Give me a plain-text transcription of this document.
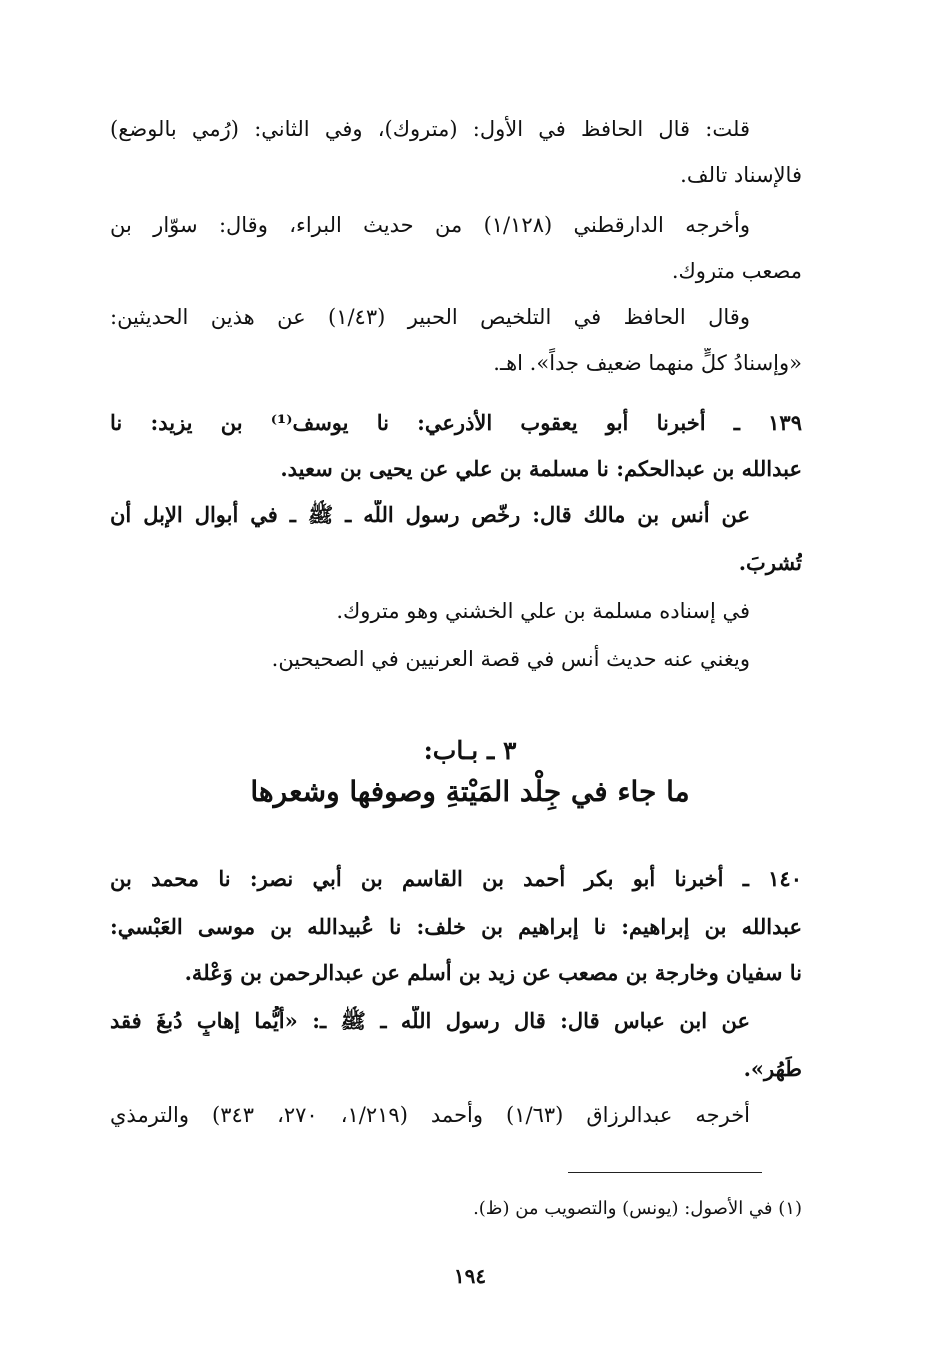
قلت: قال الحافظ في الأول: (متروك)، وفي الثاني: (رُمي بالوضع)
فالإسناد تالف.
وأخرجه الدارقطني (١/١٢٨) من حديث البراء، وقال: سوّار بن
مصعب متروك.
وقال الحافظ في التلخيص الحبير (١/٤٣) عن هذين الحديثين:
«وإسنادُ كلٍّ منهما ضعيف جداً». اهـ.
١٣٩ ـ أخبرنا أبو يعقوب الأذرعي: نا يوسف⁽¹⁾ بن يزيد: نا
عبدالله بن عبدالحكم: نا مسلمة بن علي عن يحيى بن سعيد.
عن أنس بن مالك قال: رخّص رسول اللّه ـ ﷺ ـ في أبوال الإبل أن
تُشربَ.
في إسناده مسلمة بن علي الخشني وهو متروك.
ويغني عنه حديث أنس في قصة العرنيين في الصحيحين.
٣ ـ بـاب:
ما جاء في جِلْد المَيْتةِ وصوفها وشعرها
١٤٠ ـ أخبرنا أبو بكر أحمد بن القاسم بن أبي نصر: نا محمد بن
عبدالله بن إبراهيم: نا إبراهيم بن خلف: نا عُبيدالله بن موسى العَبْسي:
نا سفيان وخارجة بن مصعب عن زيد بن أسلم عن عبدالرحمن بن وَعْلة.
عن ابن عباس قال: قال رسول اللّه ـ ﷺ ـ: «أيُّما إهابٍ دُبغَ فقد
طَهُر».
أخرجه عبدالرزاق (١/٦٣) وأحمد (١/٢١٩، ٢٧٠، ٣٤٣) والترمذي
(١) في الأصول: (يونس) والتصويب من (ظ).
١٩٤
